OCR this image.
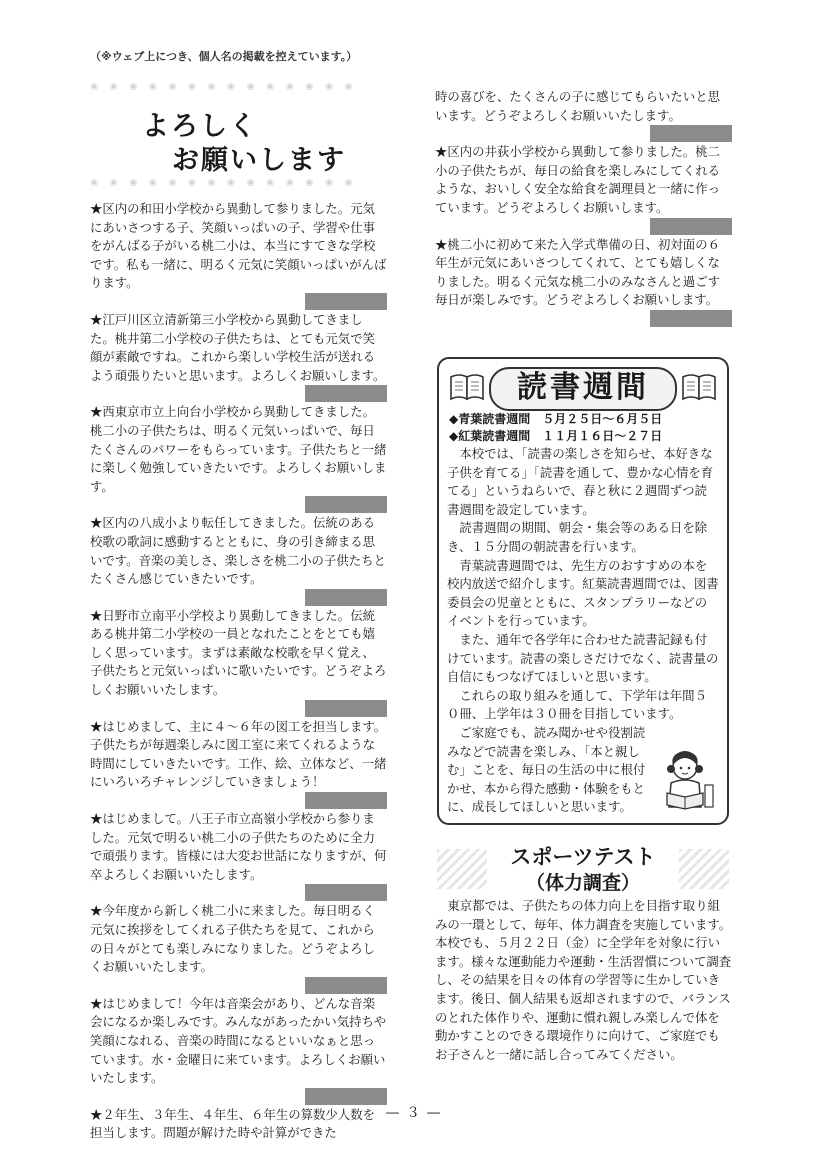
（※ウェブ上につき、個人名の掲載を控えています。）
❀ ❀ ❀ ❀ ❀ ❀ ❀ ❀ ❀ ❀ ❀ ❀ ❀ ❀
❀ ❀ ❀ ❀ ❀ ❀ ❀ ❀ ❀ ❀ ❀ ❀ ❀ ❀
よろしく
お願いします

★区内の和田小学校から異動して参りました。元気にあいさつする子、笑顔いっぱいの子、学習や仕事をがんばる子がいる桃二小は、本当にすてきな学校です。私も一緒に、明るく元気に笑顔いっぱいがんばります。

★江戸川区立清新第三小学校から異動してきました。桃井第二小学校の子供たちは、とても元気で笑顔が素敵ですね。これから楽しい学校生活が送れるよう頑張りたいと思います。よろしくお願いします。

★西東京市立上向台小学校から異動してきました。桃二小の子供たちは、明るく元気いっぱいで、毎日たくさんのパワーをもらっています。子供たちと一緒に楽しく勉強していきたいです。よろしくお願いします。

★区内の八成小より転任してきました。伝統のある校歌の歌詞に感動するとともに、身の引き締まる思いです。音楽の美しさ、楽しさを桃二小の子供たちとたくさん感じていきたいです。

★日野市立南平小学校より異動してきました。伝統ある桃井第二小学校の一員となれたことをとても嬉しく思っています。まずは素敵な校歌を早く覚え、子供たちと元気いっぱいに歌いたいです。どうぞよろしくお願いいたします。

★はじめまして、主に４〜６年の図工を担当します。子供たちが毎週楽しみに図工室に来てくれるような時間にしていきたいです。工作、絵、立体など、一緒にいろいろチャレンジしていきましょう！

★はじめまして。八王子市立高嶺小学校から参りました。元気で明るい桃二小の子供たちのために全力で頑張ります。皆様には大変お世話になりますが、何卒よろしくお願いいたします。

★今年度から新しく桃二小に来ました。毎日明るく元気に挨拶をしてくれる子供たちを見て、これからの日々がとても楽しみになりました。どうぞよろしくお願いいたします。

★はじめまして！今年は音楽会があり、どんな音楽会になるか楽しみです。みんながあったかい気持ちや笑顔になれる、音楽の時間になるといいなぁと思っています。水・金曜日に来ています。よろしくお願いいたします。

★２年生、３年生、４年生、６年生の算数少人数を担当します。問題が解けた時や計算ができた

時の喜びを、たくさんの子に感じてもらいたいと思います。どうぞよろしくお願いいたします。

★区内の井荻小学校から異動して参りました。桃二小の子供たちが、毎日の給食を楽しみにしてくれるような、おいしく安全な給食を調理員と一緒に作っています。どうぞよろしくお願いします。

★桃二小に初めて来た入学式準備の日、初対面の６年生が元気にあいさつしてくれて、とても嬉しくなりました。明るく元気な桃二小のみなさんと過ごす毎日が楽しみです。どうぞよろしくお願いします。

読書週間
◆青葉読書週間　５月２５日〜６月５日
◆紅葉読書週間　１１月１６日〜２７日

本校では、「読書の楽しさを知らせ、本好きな子供を育てる」「読書を通して、豊かな心情を育てる」というねらいで、春と秋に２週間ずつ読書週間を設定しています。

読書週間の期間、朝会・集会等のある日を除き、１５分間の朝読書を行います。

青葉読書週間では、先生方のおすすめの本を校内放送で紹介します。紅葉読書週間では、図書委員会の児童とともに、スタンプラリーなどのイベントを行っています。

また、通年で各学年に合わせた読書記録も付けています。読書の楽しさだけでなく、読書量の自信にもつなげてほしいと思います。

これらの取り組みを通して、下学年は年間５０冊、上学年は３０冊を目指しています。

ご家庭でも、読み聞かせや役割読みなどで読書を楽しみ、「本と親しむ」ことを、毎日の生活の中に根付かせ、本から得た感動・体験をもとに、成長してほしいと思います。

スポーツテスト
（体力調査）

東京都では、子供たちの体力向上を目指す取り組みの一環として、毎年、体力調査を実施しています。本校でも、５月２２日（金）に全学年を対象に行います。様々な運動能力や運動・生活習慣について調査し、その結果を日々の体育の学習等に生かしていきます。後日、個人結果も返却されますので、バランスのとれた体作りや、運動に慣れ親しみ楽しんで体を動かすことのできる環境作りに向けて、ご家庭でもお子さんと一緒に話し合ってみてください。

— ３ —
